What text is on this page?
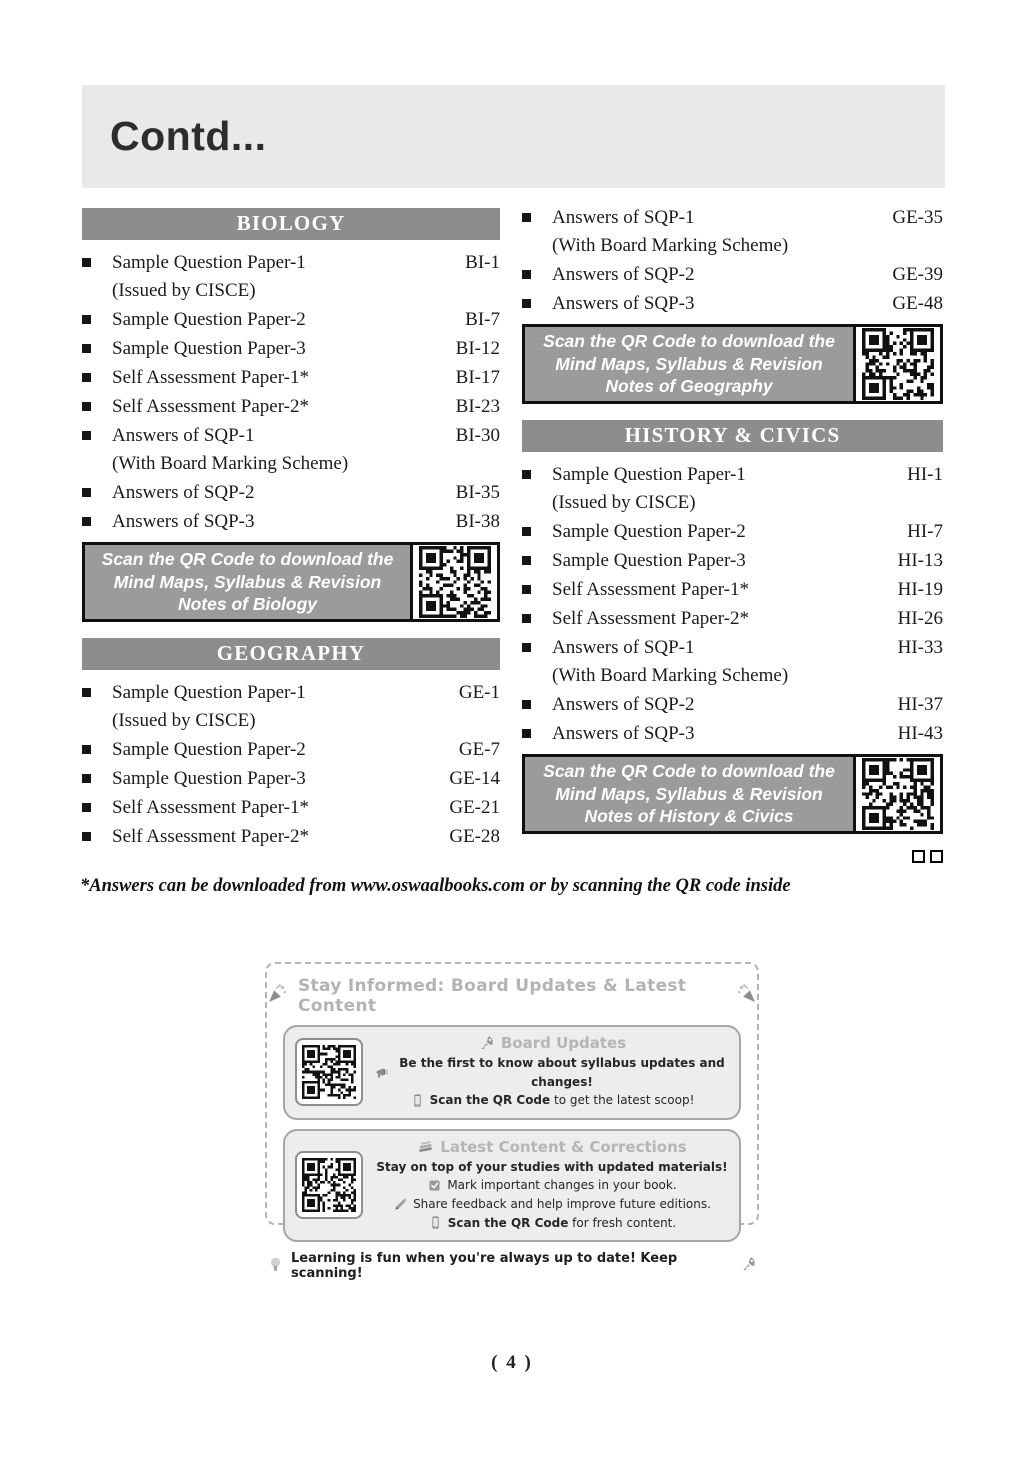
Contd...
BIOLOGY
Sample Question Paper-1	BI-1
(Issued by CISCE)
Sample Question Paper-2	BI-7
Sample Question Paper-3	BI-12
Self Assessment Paper-1*	BI-17
Self Assessment Paper-2*	BI-23
Answers of SQP-1	BI-30
(With Board Marking Scheme)
Answers of SQP-2	BI-35
Answers of SQP-3	BI-38
Scan the QR Code to download the
Mind Maps, Syllabus & Revision
Notes of Biology
GEOGRAPHY
Sample Question Paper-1	GE-1
(Issued by CISCE)
Sample Question Paper-2	GE-7
Sample Question Paper-3	GE-14
Self Assessment Paper-1*	GE-21
Self Assessment Paper-2*	GE-28
Answers of SQP-1	GE-35
(With Board Marking Scheme)
Answers of SQP-2	GE-39
Answers of SQP-3	GE-48
Scan the QR Code to download the
Mind Maps, Syllabus & Revision
Notes of Geography
HISTORY & CIVICS
Sample Question Paper-1	HI-1
(Issued by CISCE)
Sample Question Paper-2	HI-7
Sample Question Paper-3	HI-13
Self Assessment Paper-1*	HI-19
Self Assessment Paper-2*	HI-26
Answers of SQP-1	HI-33
(With Board Marking Scheme)
Answers of SQP-2	HI-37
Answers of SQP-3	HI-43
Scan the QR Code to download the
Mind Maps, Syllabus & Revision
Notes of History & Civics
*Answers can be downloaded from www.oswaalbooks.com or by scanning the QR code inside
Stay Informed: Board Updates & Latest Content
Board Updates
Be the first to know about syllabus updates and changes!
Scan the QR Code to get the latest scoop!
Latest Content & Corrections
Stay on top of your studies with updated materials!
Mark important changes in your book.
Share feedback and help improve future editions.
Scan the QR Code for fresh content.
Learning is fun when you're always up to date! Keep scanning!
( 4 )
